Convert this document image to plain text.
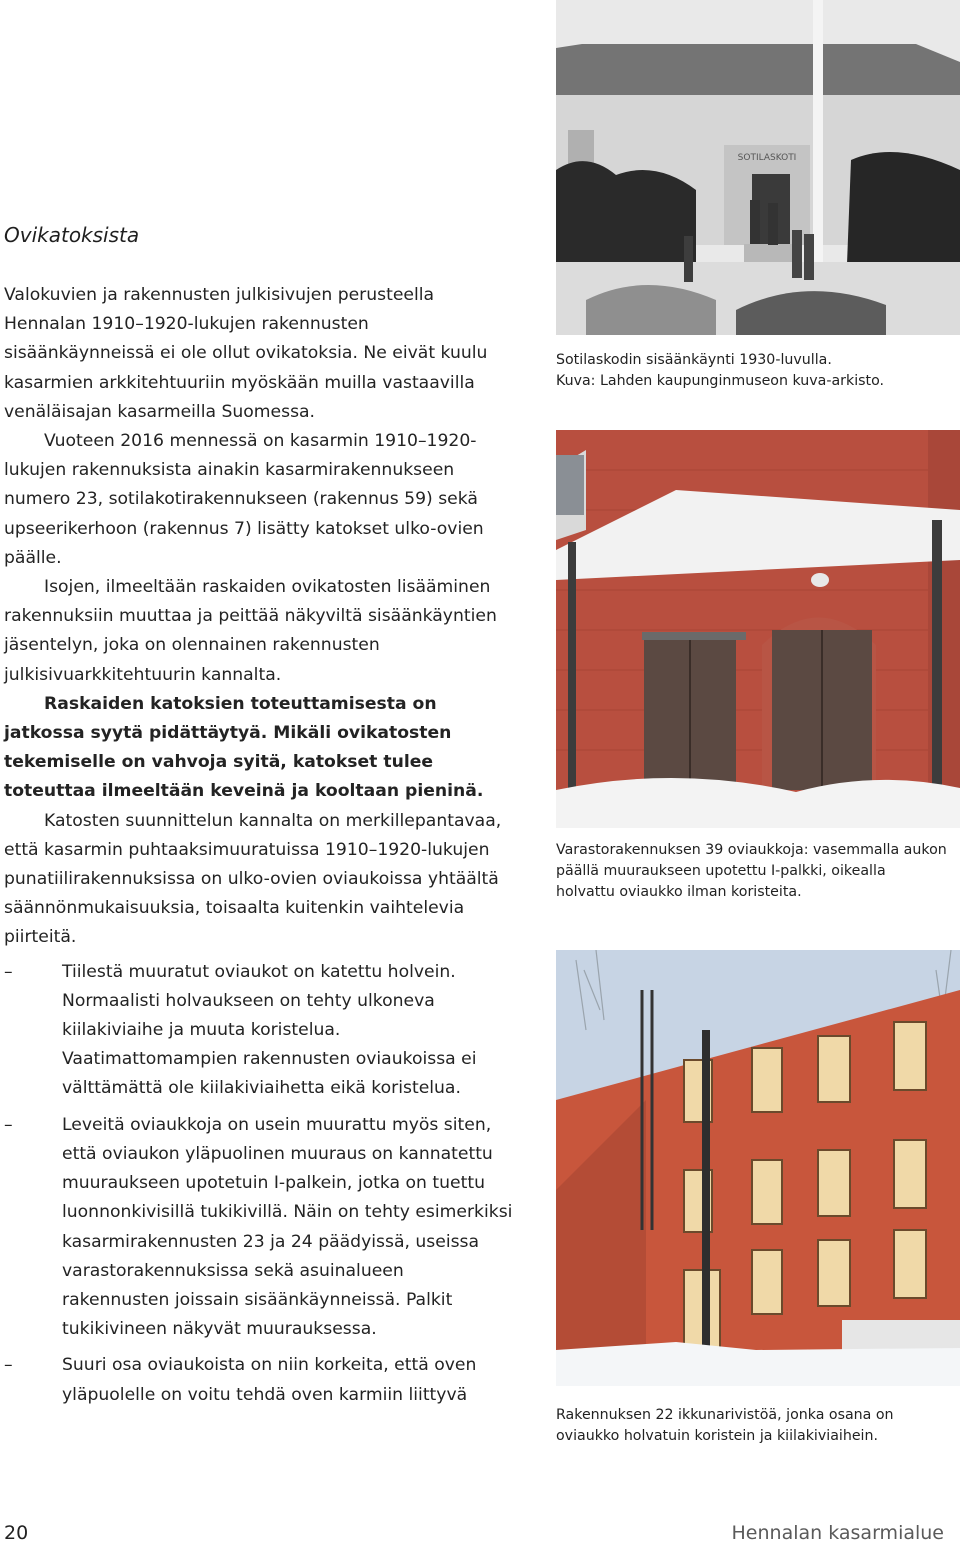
Ovikatoksista

Valokuvien ja rakennusten julkisivujen perusteella Hennalan 1910–1920-lukujen rakennusten sisäänkäynneissä ei ole ollut ovikatoksia. Ne eivät kuulu kasarmien arkkitehtuuriin myöskään muilla vastaavilla venäläisajan kasarmeilla Suomessa.

Vuoteen 2016 mennessä on kasarmin 1910–1920-lukujen rakennuksista ainakin kasarmirakennukseen numero 23, sotilakotirakennukseen (rakennus 59) sekä upseerikerhoon (rakennus 7) lisätty katokset ulko-ovien päälle.

Isojen, ilmeeltään raskaiden ovikatosten lisääminen rakennuksiin muuttaa ja peittää näkyviltä sisäänkäyntien jäsentelyn, joka on olennainen rakennusten julkisivuarkkitehtuurin kannalta.

Raskaiden katoksien toteuttamisesta on jatkossa syytä pidättäytyä. Mikäli ovikatosten tekemiselle on vahvoja syitä, katokset tulee toteuttaa ilmeeltään keveinä ja kooltaan pieninä.

Katosten suunnittelun kannalta on merkillepantavaa, että kasarmin puhtaaksimuuratuissa 1910–1920-lukujen punatiilirakennuksissa on ulko-ovien oviaukoissa yhtäältä säännönmukaisuuksia, toisaalta kuitenkin vaihtelevia piirteitä.

–	Tiilestä muuratut oviaukot on katettu holvein. Normaalisti holvaukseen on tehty ulkoneva kiilakiviaihe ja muuta koristelua. Vaatimattomampien rakennusten oviaukoissa ei välttämättä ole kiilakiviaihetta eikä koristelua.
–	Leveitä oviaukkoja on usein muurattu myös siten, että oviaukon yläpuolinen muuraus on kannatettu muuraukseen upotetuin I-palkein, jotka on tuettu luonnonkivisillä tukikivillä. Näin on tehty esimerkiksi kasarmirakennusten 23 ja 24 päädyissä, useissa varastorakennuksissa sekä asuinalueen rakennusten joissain sisäänkäynneissä. Palkit tukikivineen näkyvät muurauksessa.
–	Suuri osa oviaukoista on niin korkeita, että oven yläpuolelle on voitu tehdä oven karmiin liittyvä
SOTILASKOTI

Sotilaskodin sisäänkäynti 1930-luvulla.
Kuva: Lahden kaupunginmuseon kuva-arkisto.

Varastorakennuksen 39 oviaukkoja: vasemmalla aukon päällä muuraukseen upotettu I-palkki, oikealla holvattu oviaukko ilman koristeita.

Rakennuksen 22 ikkunarivistöä, jonka osana on oviaukko holvatuin koristein ja kiilakiviaihein.

20	Hennalan kasarmialue
